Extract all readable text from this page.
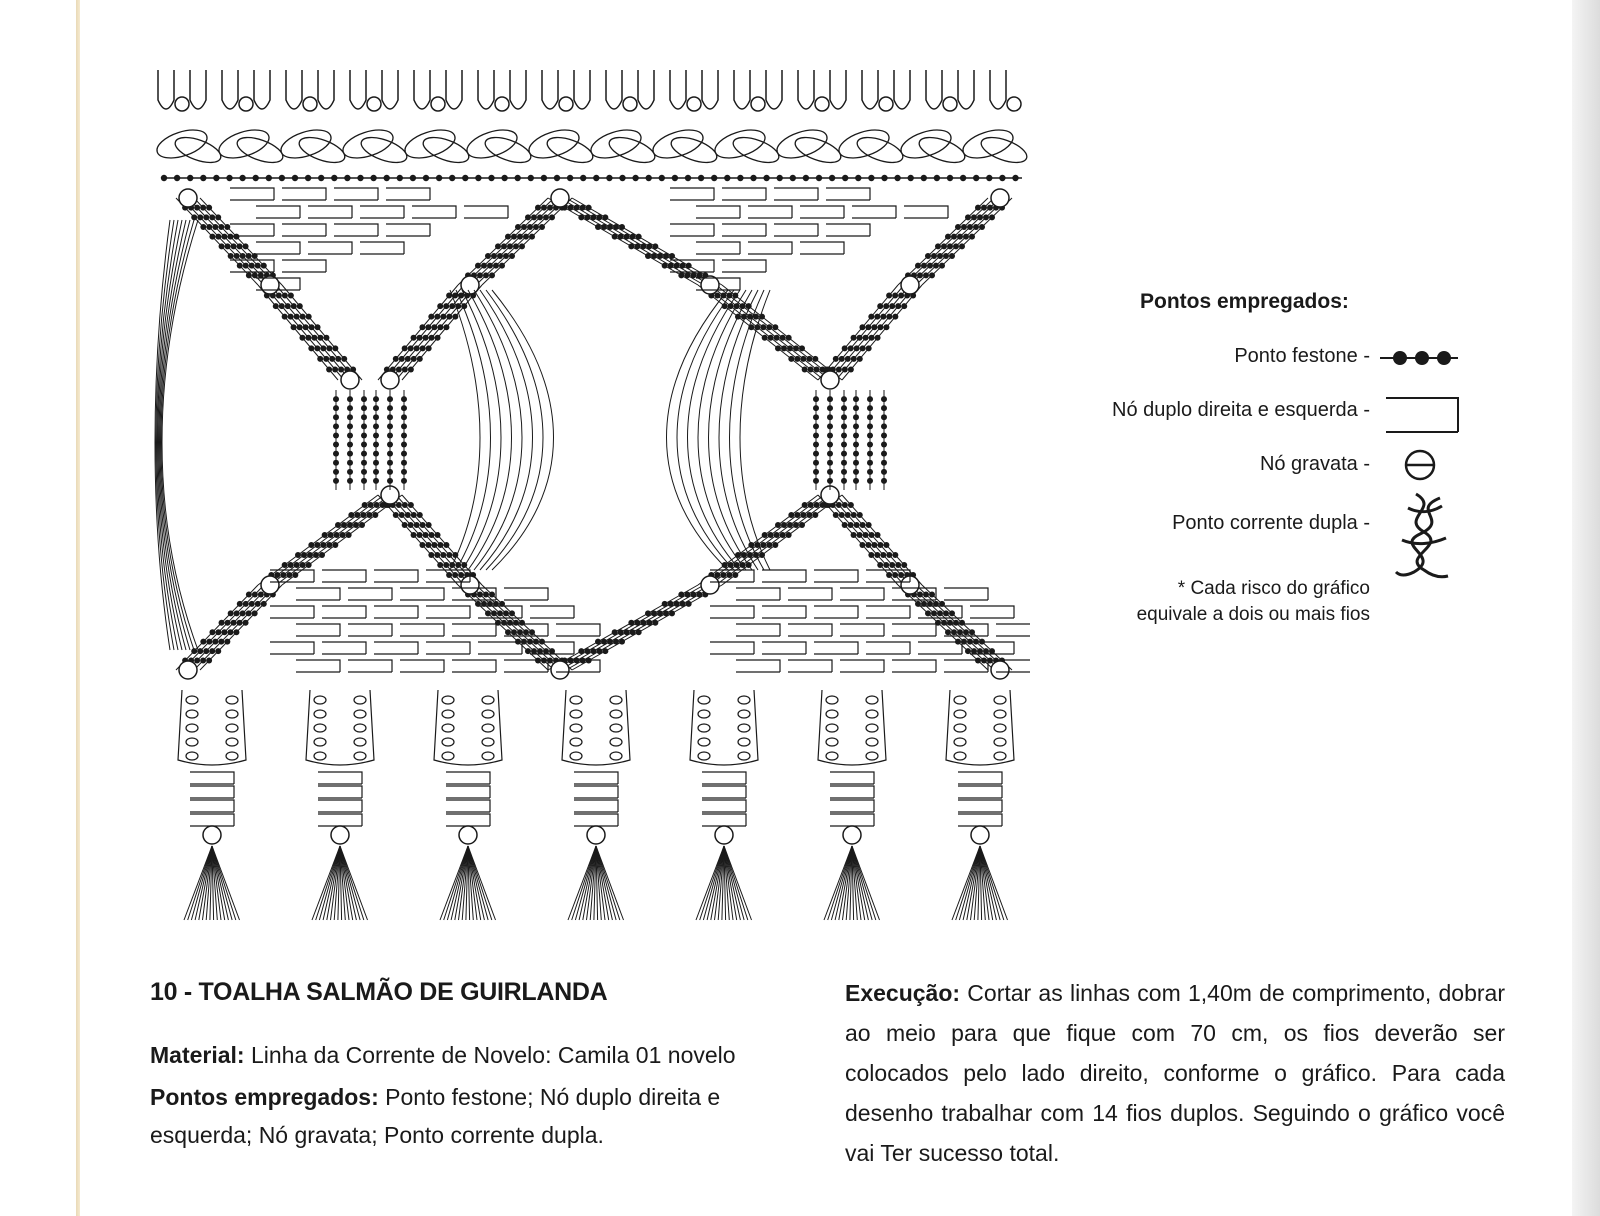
Pontos empregados:
Ponto festone -
Nó duplo direita e esquerda -
Nó gravata -
Ponto corrente dupla -
* Cada risco do gráfico
equivale a dois ou mais fios
10 - TOALHA SALMÃO DE GUIRLANDA

Material: Linha da Corrente de Novelo: Camila 01 novelo

Pontos empregados: Ponto festone; Nó duplo direita e esquerda; Nó gravata; Ponto corrente dupla.

Execução: Cortar as linhas com 1,40m de comprimento, dobrar ao meio para que fique com 70 cm, os fios deverão ser colocados pelo lado direito, conforme o gráfico. Para cada desenho trabalhar com 14 fios duplos. Seguindo o gráfico você vai Ter sucesso total.
